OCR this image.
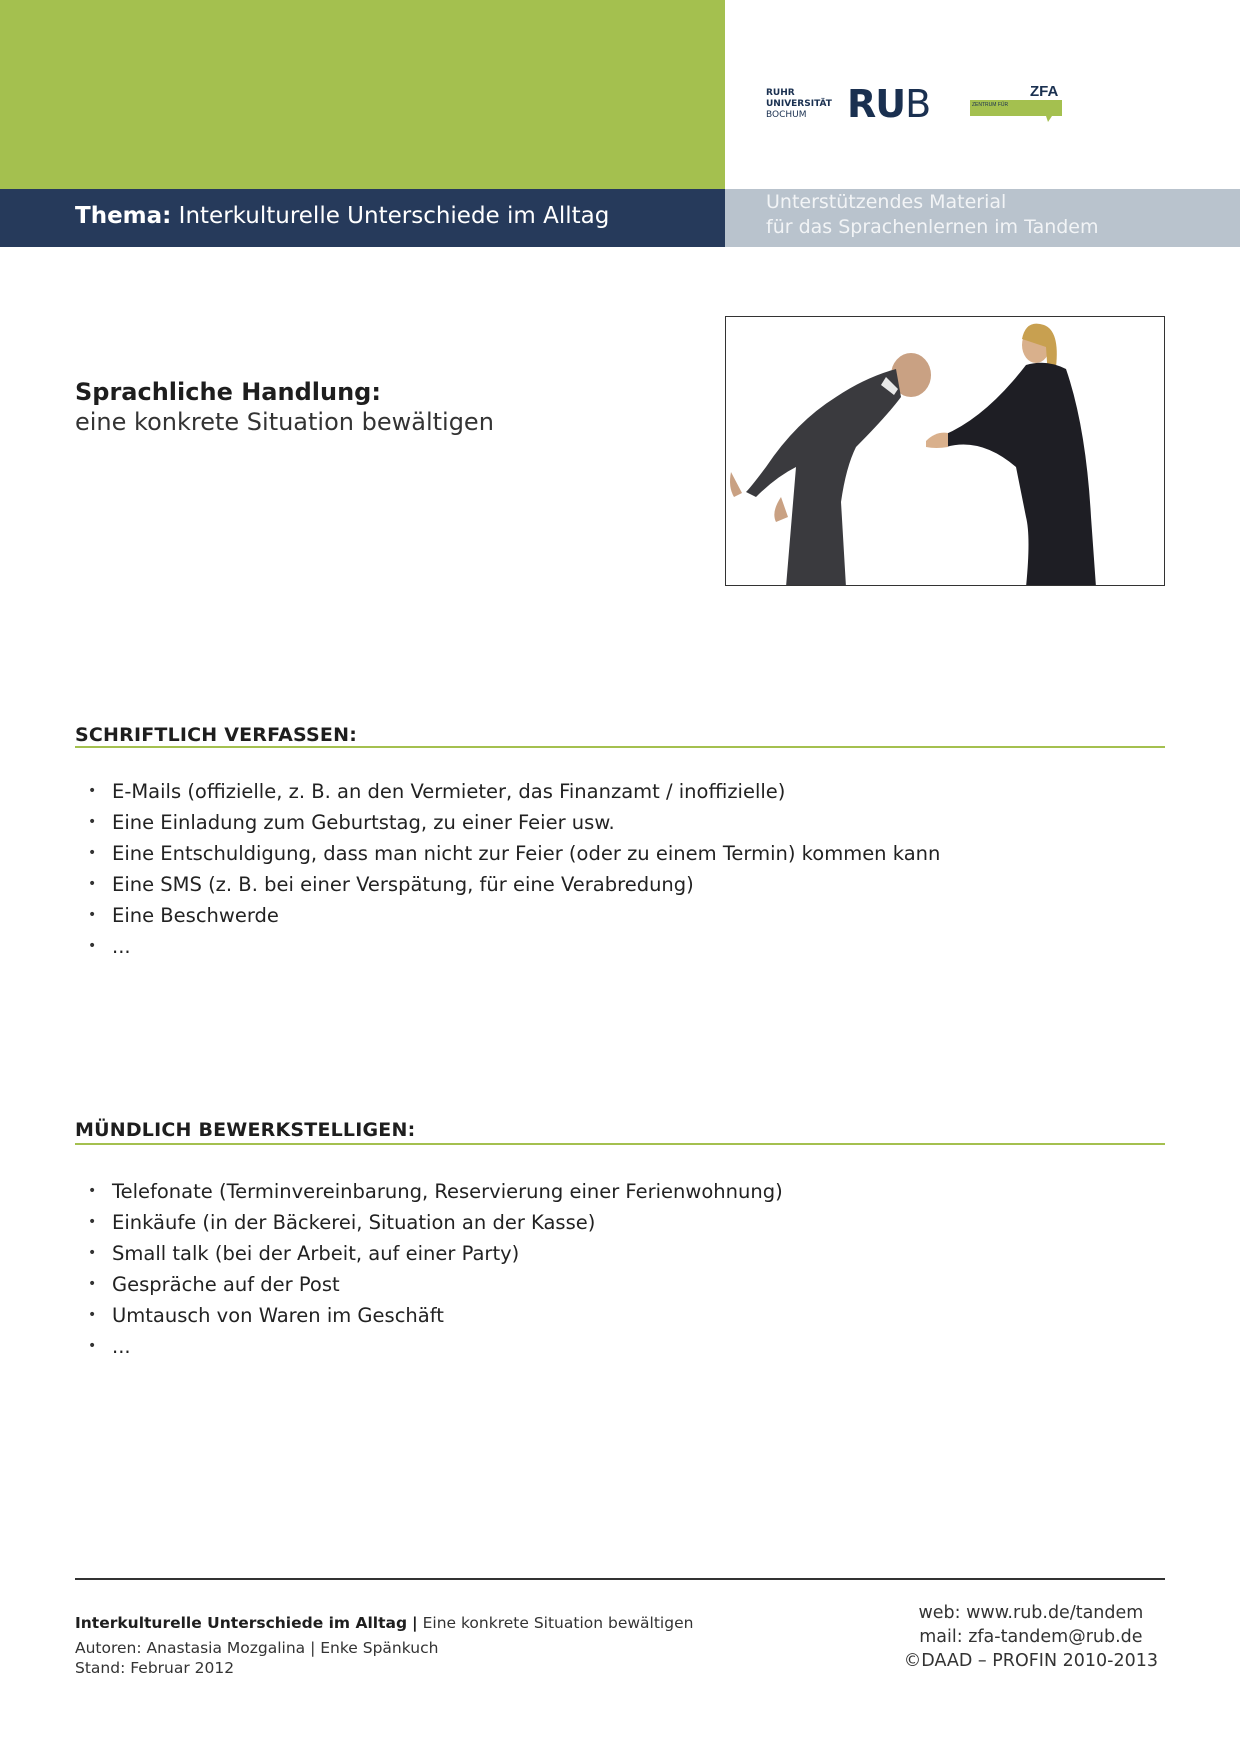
RUHR
UNIVERSITÄT
BOCHUM	RUB	ZFA
ZENTRUM FÜR
Thema: Interkulturelle Unterschiede im Alltag
Unterstützendes Material
für das Sprachenlernen im Tandem
Sprachliche Handlung:
eine konkrete Situation bewältigen
SCHRIFTLICH VERFASSEN:
• E-Mails (offizielle, z. B. an den Vermieter, das Finanzamt / inoffizielle)
• Eine Einladung zum Geburtstag, zu einer Feier usw.
• Eine Entschuldigung, dass man nicht zur Feier (oder zu einem Termin) kommen kann
• Eine SMS (z. B. bei einer Verspätung, für eine Verabredung)
• Eine Beschwerde
• ...
MÜNDLICH BEWERKSTELLIGEN:
• Telefonate (Terminvereinbarung, Reservierung einer Ferienwohnung)
• Einkäufe (in der Bäckerei, Situation an der Kasse)
• Small talk (bei der Arbeit, auf einer Party)
• Gespräche auf der Post
• Umtausch von Waren im Geschäft
• ...
Interkulturelle Unterschiede im Alltag | Eine konkrete Situation bewältigen
Autoren: Anastasia Mozgalina | Enke Spänkuch
Stand: Februar 2012
web: www.rub.de/tandem
mail: zfa-tandem@rub.de
©DAAD – PROFIN 2010-2013
